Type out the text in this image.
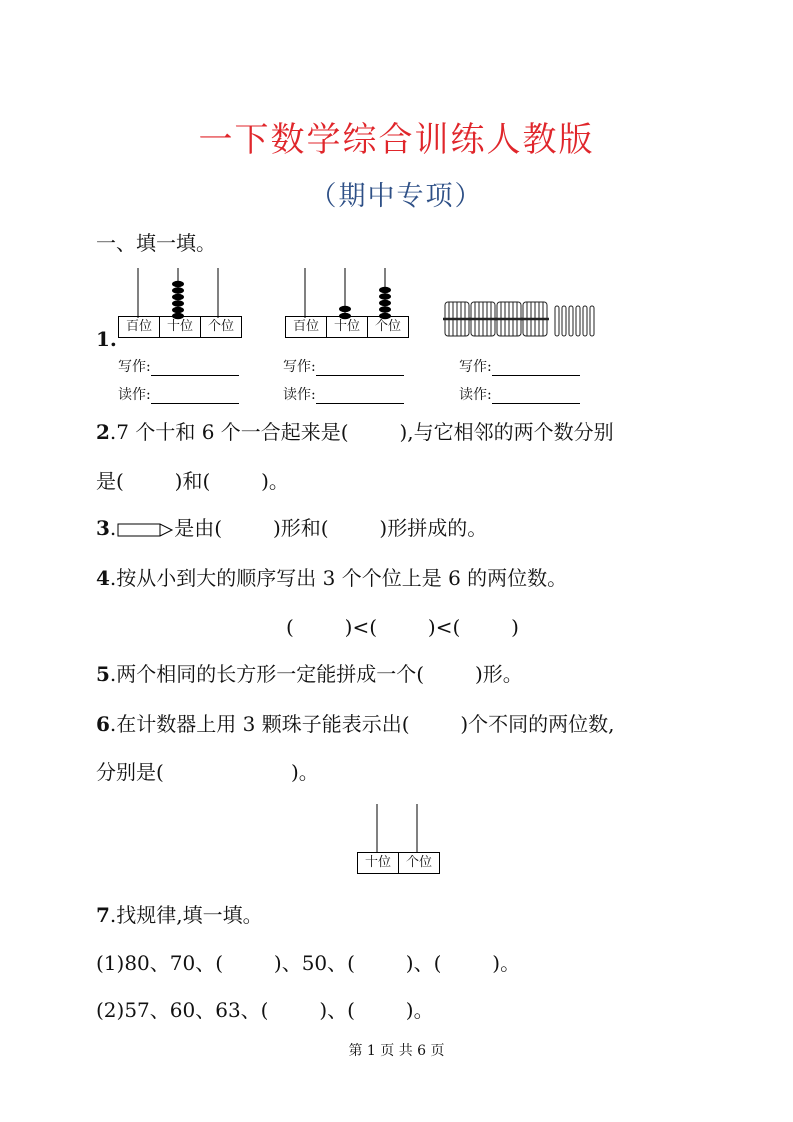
一下数学综合训练人教版
（期中专项）
一、填一填。
1.
百位	十位	个位	百位	十位	个位
写作:
读作:
写作:
读作:
写作:
读作:
2.7 个十和 6 个一合起来是(        ),与它相邻的两个数分别
是(        )和(        )。
3.	是由(        )形和(        )形拼成的。
4.按从小到大的顺序写出 3 个个位上是 6 的两位数。
(        )<(        )<(        )
5.两个相同的长方形一定能拼成一个(        )形。
6.在计数器上用 3 颗珠子能表示出(        )个不同的两位数,
分别是(                    )。
十位	个位
7.找规律,填一填。
(1)80、70、(        )、50、(        )、(        )。
(2)57、60、63、(        )、(        )。
第 1 页 共 6 页
